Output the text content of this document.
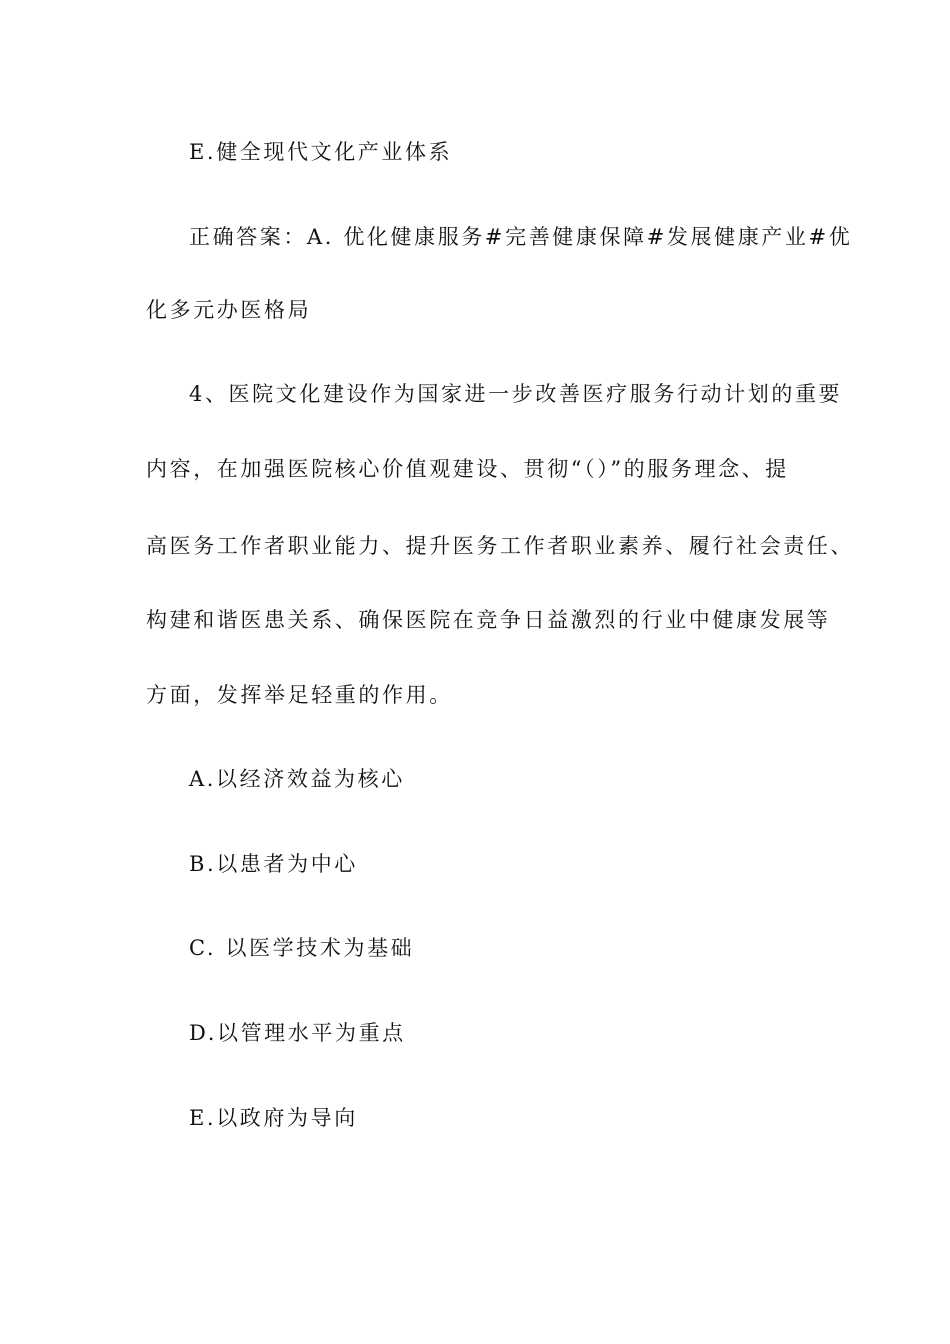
E.健全现代文化产业体系
正确答案：A. 优化健康服务#完善健康保障#发展健康产业#优
化多元办医格局
4、医院文化建设作为国家进一步改善医疗服务行动计划的重要
内容，在加强医院核心价值观建设、贯彻“（）”的服务理念、提
高医务工作者职业能力、提升医务工作者职业素养、履行社会责任、
构建和谐医患关系、确保医院在竞争日益激烈的行业中健康发展等
方面，发挥举足轻重的作用。
A.以经济效益为核心
B.以患者为中心
C. 以医学技术为基础
D.以管理水平为重点
E.以政府为导向
